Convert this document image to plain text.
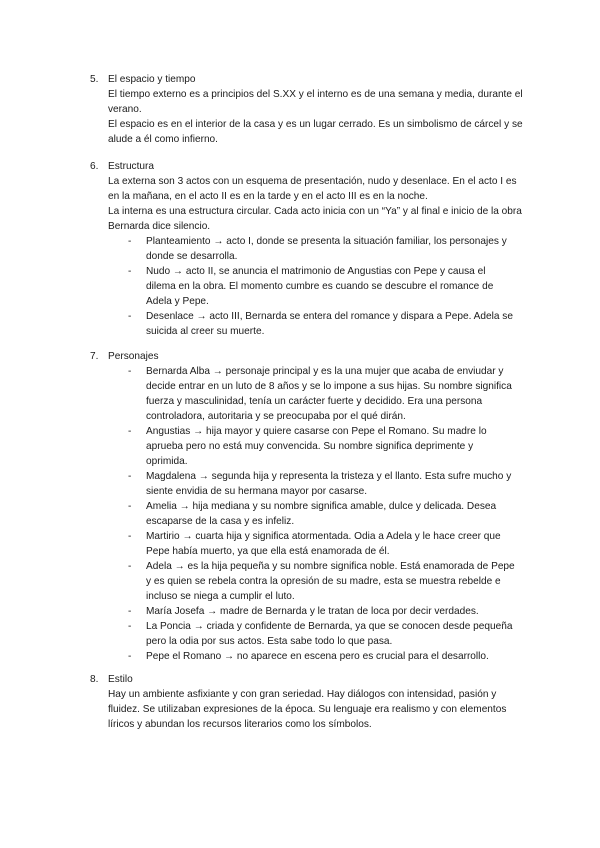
5. El espacio y tiempo

El tiempo externo es a principios del S.XX y el interno es de una semana y media, durante el verano.

El espacio es en el interior de la casa y es un lugar cerrado. Es un simbolismo de cárcel y se alude a él como infierno.

6. Estructura

La externa son 3 actos con un esquema de presentación, nudo y desenlace. En el acto I es en la mañana, en el acto II es en la tarde y en el acto III es en la noche.

La interna es una estructura circular. Cada acto inicia con un “Ya” y al final e inicio de la obra Bernarda dice silencio.

- Planteamiento → acto I, donde se presenta la situación familiar, los personajes y donde se desarrolla.
- Nudo → acto II, se anuncia el matrimonio de Angustias con Pepe y causa el dilema en la obra. El momento cumbre es cuando se descubre el romance de Adela y Pepe.
- Desenlace → acto III, Bernarda se entera del romance y dispara a Pepe. Adela se suicida al creer su muerte.
7. Personajes
- Bernarda Alba → personaje principal y es la una mujer que acaba de enviudar y decide entrar en un luto de 8 años y se lo impone a sus hijas. Su nombre significa fuerza y masculinidad, tenía un carácter fuerte y decidido. Era una persona controladora, autoritaria y se preocupaba por el qué dirán.
- Angustias → hija mayor y quiere casarse con Pepe el Romano. Su madre lo aprueba pero no está muy convencida. Su nombre significa deprimente y oprimida.
- Magdalena → segunda hija y representa la tristeza y el llanto. Esta sufre mucho y siente envidia de su hermana mayor por casarse.
- Amelia → hija mediana y su nombre significa amable, dulce y delicada. Desea escaparse de la casa y es infeliz.
- Martirio → cuarta hija y significa atormentada. Odia a Adela y le hace creer que Pepe había muerto, ya que ella está enamorada de él.
- Adela → es la hija pequeña y su nombre significa noble. Está enamorada de Pepe y es quien se rebela contra la opresión de su madre, esta se muestra rebelde e incluso se niega a cumplir el luto.
- María Josefa → madre de Bernarda y le tratan de loca por decir verdades.
- La Poncia → criada y confidente de Bernarda, ya que se conocen desde pequeña pero la odia por sus actos. Esta sabe todo lo que pasa.
- Pepe el Romano → no aparece en escena pero es crucial para el desarrollo.
8. Estilo

Hay un ambiente asfixiante y con gran seriedad. Hay diálogos con intensidad, pasión y fluidez. Se utilizaban expresiones de la época. Su lenguaje era realismo y con elementos líricos y abundan los recursos literarios como los símbolos.
